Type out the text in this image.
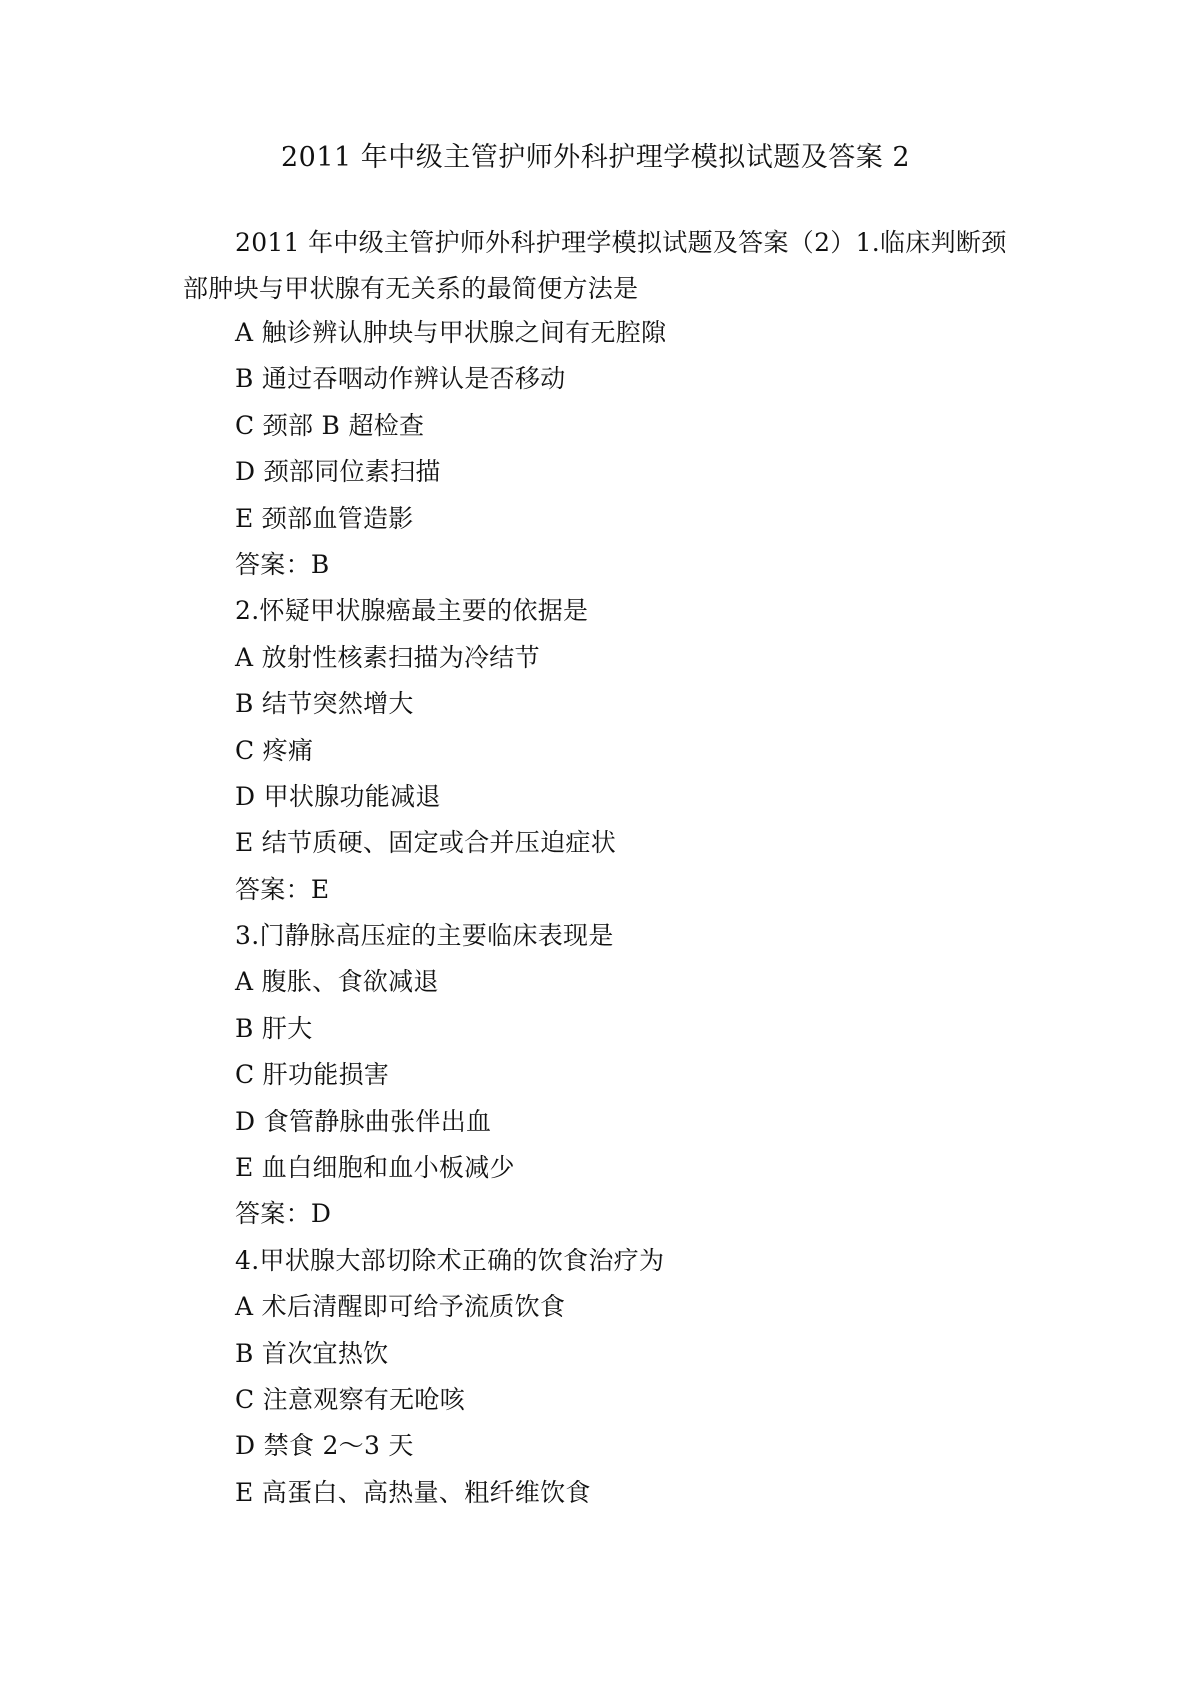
2011 年中级主管护师外科护理学模拟试题及答案 2
2011 年中级主管护师外科护理学模拟试题及答案（2）1.临床判断颈部肿块与甲状腺有无关系的最简便方法是
A 触诊辨认肿块与甲状腺之间有无腔隙
B 通过吞咽动作辨认是否移动
C 颈部 B 超检查
D 颈部同位素扫描
E 颈部血管造影
答案：B
2.怀疑甲状腺癌最主要的依据是
A 放射性核素扫描为冷结节
B 结节突然增大
C 疼痛
D 甲状腺功能减退
E 结节质硬、固定或合并压迫症状
答案：E
3.门静脉高压症的主要临床表现是
A 腹胀、食欲减退
B 肝大
C 肝功能损害
D 食管静脉曲张伴出血
E 血白细胞和血小板减少
答案：D
4.甲状腺大部切除术正确的饮食治疗为
A 术后清醒即可给予流质饮食
B 首次宜热饮
C 注意观察有无呛咳
D 禁食 2～3 天
E 高蛋白、高热量、粗纤维饮食
